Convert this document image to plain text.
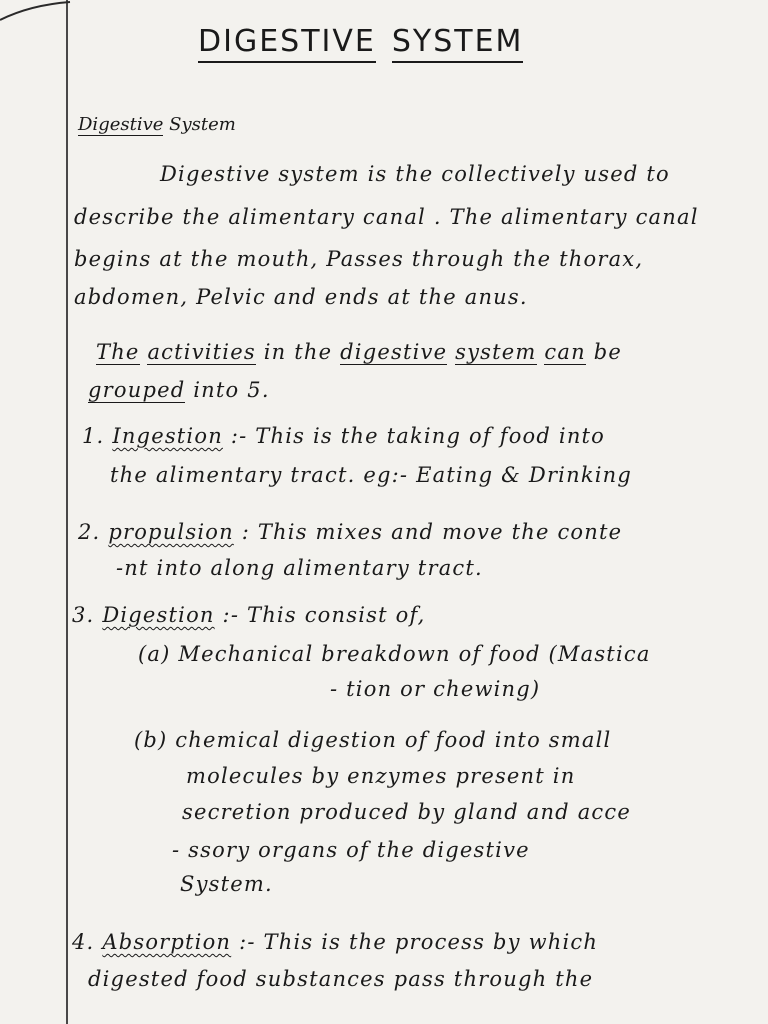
DIGESTIVE SYSTEM
Digestive System
Digestive system is the collectively used to
describe the alimentary canal . The alimentary canal
begins at the mouth, Passes through the thorax,
abdomen, Pelvic and ends at the anus.
The activities in the digestive system can be
grouped into 5.
1. Ingestion :- This is the taking of food into
the alimentary tract. eg:- Eating & Drinking
2. propulsion : This mixes and move the conte
-nt into along alimentary tract.
3. Digestion :- This consist of,
(a) Mechanical breakdown of food (Mastica
- tion or chewing)
(b) chemical digestion of food into small
molecules by enzymes present in
secretion produced by gland and acce
- ssory organs of the digestive
System.
4. Absorption :- This is the process by which
digested food substances pass through the
